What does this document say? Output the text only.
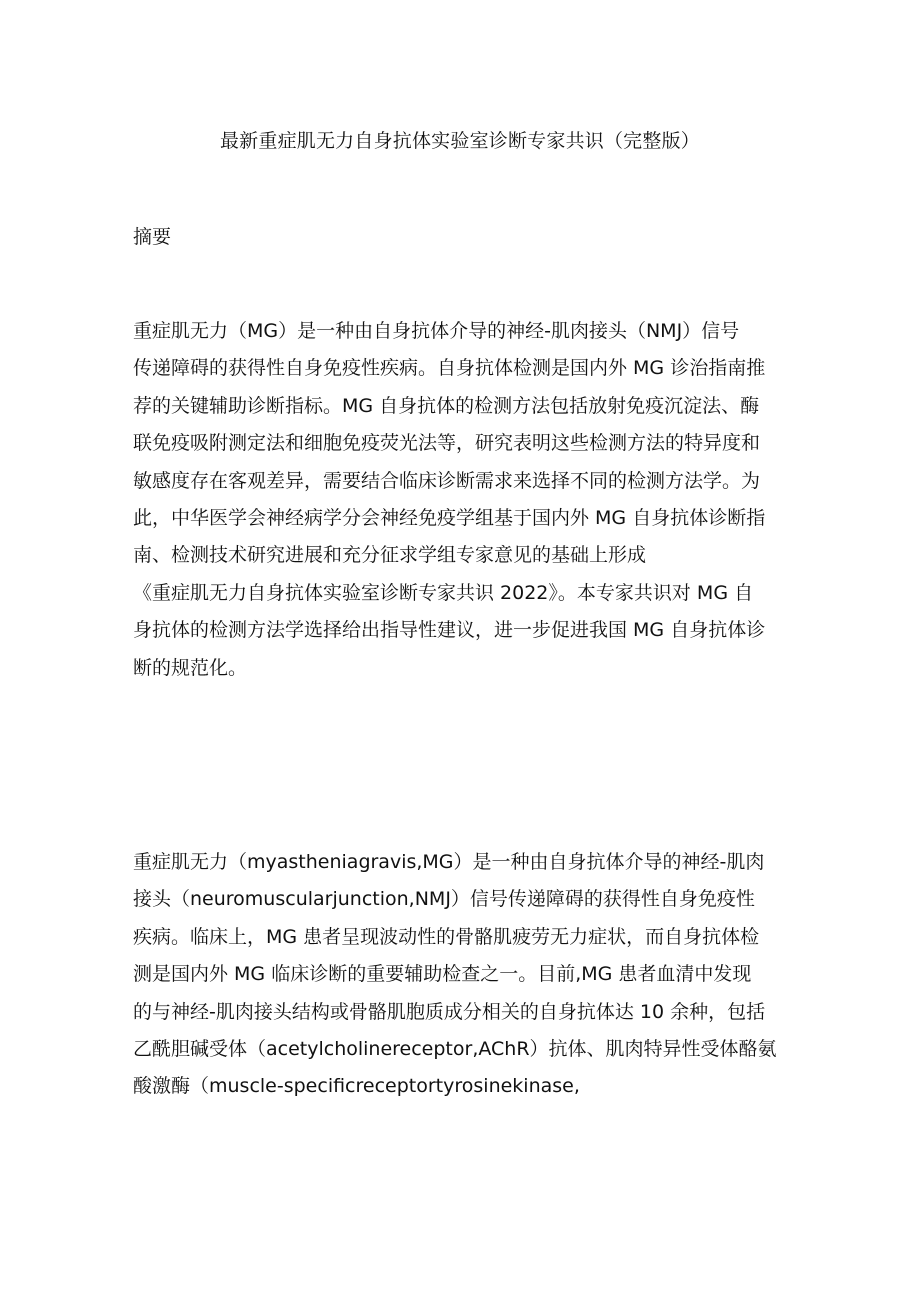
最新重症肌无力自身抗体实验室诊断专家共识（完整版）
摘要
重症肌无力（MG）是一种由自身抗体介导的神经-肌肉接头（NMJ）信号
传递障碍的获得性自身免疫性疾病。自身抗体检测是国内外 MG 诊治指南推
荐的关键辅助诊断指标。MG 自身抗体的检测方法包括放射免疫沉淀法、酶
联免疫吸附测定法和细胞免疫荧光法等，研究表明这些检测方法的特异度和
敏感度存在客观差异，需要结合临床诊断需求来选择不同的检测方法学。为
此，中华医学会神经病学分会神经免疫学组基于国内外 MG 自身抗体诊断指
南、检测技术研究进展和充分征求学组专家意见的基础上形成
《重症肌无力自身抗体实验室诊断专家共识 2022》。本专家共识对 MG 自
身抗体的检测方法学选择给出指导性建议，进一步促进我国 MG 自身抗体诊
断的规范化。
重症肌无力（myastheniagravis,MG）是一种由自身抗体介导的神经-肌肉
接头（neuromuscularjunction,NMJ）信号传递障碍的获得性自身免疫性
疾病。临床上，MG 患者呈现波动性的骨骼肌疲劳无力症状，而自身抗体检
测是国内外 MG 临床诊断的重要辅助检查之一。目前,MG 患者血清中发现
的与神经-肌肉接头结构或骨骼肌胞质成分相关的自身抗体达 10 余种，包括
乙酰胆碱受体（acetylcholinereceptor,AChR）抗体、肌肉特异性受体酪氨
酸激酶（muscle-specificreceptortyrosinekinase,
